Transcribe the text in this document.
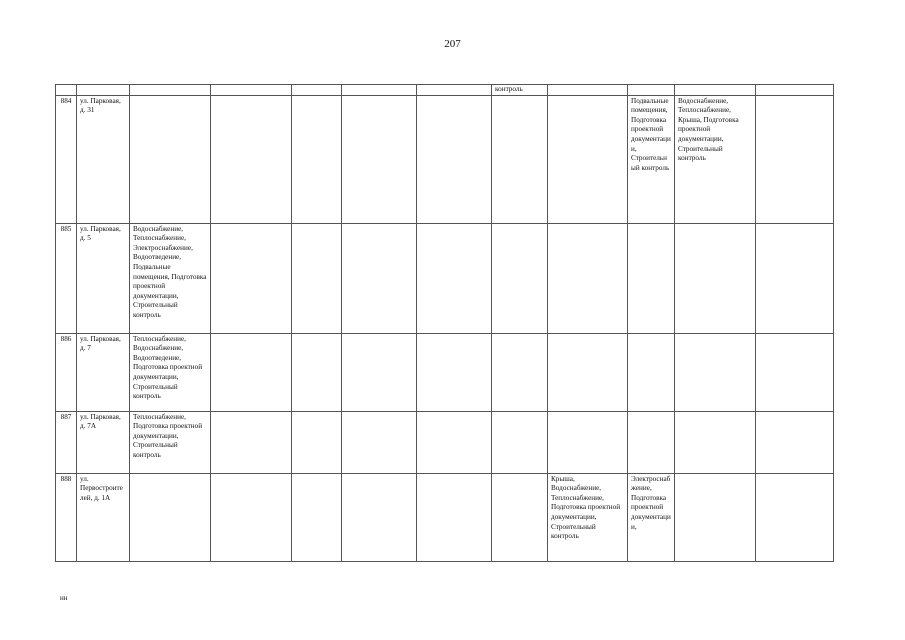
207
							контроль				
884	ул. Парковая, д. 31								Подвальные помещения, Подготовка проектной документации, Строительный контроль	Водоснабжение, Теплоснабжение, Крыша, Подготовка проектной документации, Строительный контроль	
885	ул. Парковая, д. 5	Водоснабжение, Теплоснабжение, Электроснабжение, Водоотведение, Подвальные помещения, Подготовка проектной документации, Строительный контроль									
886	ул. Парковая, д. 7	Теплоснабжение, Водоснабжение, Водоотведение, Подготовка проектной документации, Строительный контроль									
887	ул. Парковая, д. 7А	Теплоснабжение, Подготовка проектной документации, Строительный контроль									
888	ул. Первостроителей, д. 1А							Крыша, Водоснабжение, Теплоснабжение, Подготовка проектной документации, Строительный контроль	Электроснабжение, Подготовка проектной документации,		
нн
